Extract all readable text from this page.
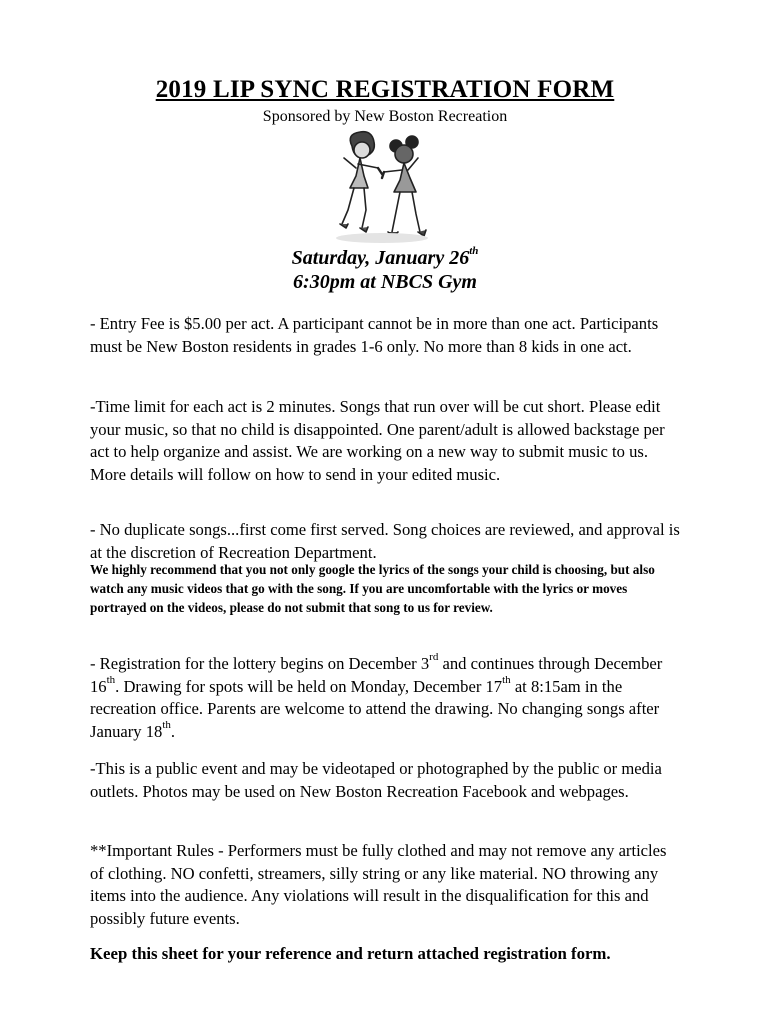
2019 LIP SYNC REGISTRATION FORM
Sponsored by New Boston Recreation
Saturday, January 26th
6:30pm at NBCS Gym
- Entry Fee is $5.00 per act. A participant cannot be in more than one act. Participants must be New Boston residents in grades 1-6 only. No more than 8 kids in one act.
-Time limit for each act is 2 minutes. Songs that run over will be cut short. Please edit your music, so that no child is disappointed. One parent/adult is allowed backstage per act to help organize and assist. We are working on a new way to submit music to us. More details will follow on how to send in your edited music.
- No duplicate songs...first come first served. Song choices are reviewed, and approval is at the discretion of Recreation Department.
We highly recommend that you not only google the lyrics of the songs your child is choosing, but also watch any music videos that go with the song. If you are uncomfortable with the lyrics or moves portrayed on the videos, please do not submit that song to us for review.
- Registration for the lottery begins on December 3rd and continues through December 16th. Drawing for spots will be held on Monday, December 17th at 8:15am in the recreation office. Parents are welcome to attend the drawing. No changing songs after January 18th.
-This is a public event and may be videotaped or photographed by the public or media outlets. Photos may be used on New Boston Recreation Facebook and webpages.
**Important Rules - Performers must be fully clothed and may not remove any articles of clothing. NO confetti, streamers, silly string or any like material. NO throwing any items into the audience. Any violations will result in the disqualification for this and possibly future events.
Keep this sheet for your reference and return attached registration form.
